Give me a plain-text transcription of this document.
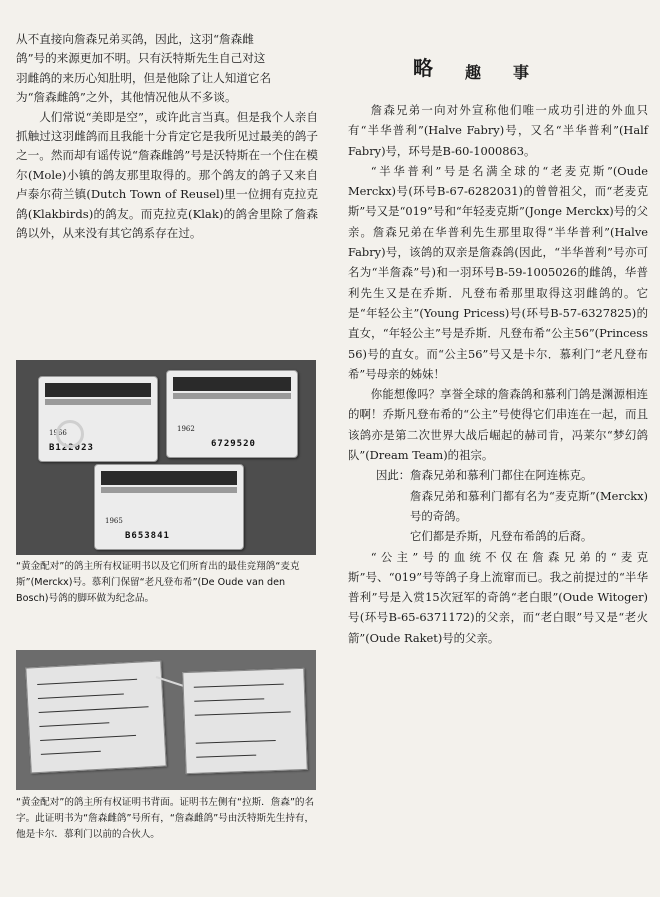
从不直接向詹森兄弟买鸽，因此，这羽“詹森雌

鸽”号的来源更加不明。只有沃特斯先生自己对这

羽雌鸽的来历心知肚明，但是他除了让人知道它名

为“詹森雌鸽”之外，其他情况他从不多谈。

人们常说“美即是空”，或许此言当真。但是我个人亲自抓触过这羽雌鸽而且我能十分肯定它是我所见过最美的鸽子之一。然而却有谣传说“詹森雌鸽”号是沃特斯在一个住在模尔(Mole)小镇的鸽友那里取得的。那个鸽友的鸽子又来自卢泰尔荷兰镇(Dutch Town of Reusel)里一位拥有克拉克鸽(Klakbirds)的鸽友。而克拉克(Klak)的鸽舍里除了詹森鸽以外，从来没有其它鸽系存在过。

1966
B122023
1962
6729520
1965
B653841
“黄金配对”的鸽主所有权证明书以及它们所育出的最佳竞翔鸽“麦克斯”(Merckx)号。慕利门保留“老凡登布希”(De Oude van den Bosch)号鸽的脚环做为纪念品。
“黄金配对”的鸽主所有权证明书背面。证明书左侧有“拉斯．詹森”的名字。此证明书为“詹森雌鸽”号所有，“詹森雌鸽”号由沃特斯先生持有，他是卡尔．慕利门以前的合伙人。
略 趣 事

詹森兄弟一向对外宣称他们唯一成功引进的外血只有“半华普利”(Halve Fabry)号，又名“半华普利”(Half Fabry)号，环号是B-60-1000863。

“半华普利”号是名满全球的“老麦克斯”(Oude Merckx)号(环号B-67-6282031)的曾曾祖父，而“老麦克斯”号又是“019”号和“年轻麦克斯”(Jonge Merckx)号的父亲。詹森兄弟在华普利先生那里取得“半华普利”(Halve Fabry)号，该鸽的双亲是詹森鸽(因此，“半华普利”号亦可名为“半詹森”号)和一羽环号B-59-1005026的雌鸽，华普利先生又是在乔斯．凡登布希那里取得这羽雌鸽的。它是“年轻公主”(Young Pricess)号(环号B-57-6327825)的直女，“年轻公主”号是乔斯．凡登布希“公主56”(Princess 56)号的直女。而“公主56”号又是卡尔．慕利门“老凡登布希”号母亲的姊妹！

你能想像吗？享誉全球的詹森鸽和慕利门鸽是渊源相连的啊！乔斯凡登布希的“公主”号使得它们串连在一起，而且该鸽亦是第二次世界大战后崛起的赫司肯，冯莱尔“梦幻鸽队”(Dream Team)的祖宗。

因此：詹森兄弟和慕利门都住在阿连栋克。

詹森兄弟和慕利门都有名为“麦克斯”(Merckx)号的奇鸽。

它们都是乔斯，凡登布希鸽的后裔。

“公主”号的血统不仅在詹森兄弟的“麦克斯”号、“019”号等鸽子身上流窜而已。我之前提过的“半华普利”号是入赏15次冠军的奇鸽“老白眼”(Oude Witoger)号(环号B-65-6371172)的父亲，而“老白眼”号又是“老火箭”(Oude Raket)号的父亲。
